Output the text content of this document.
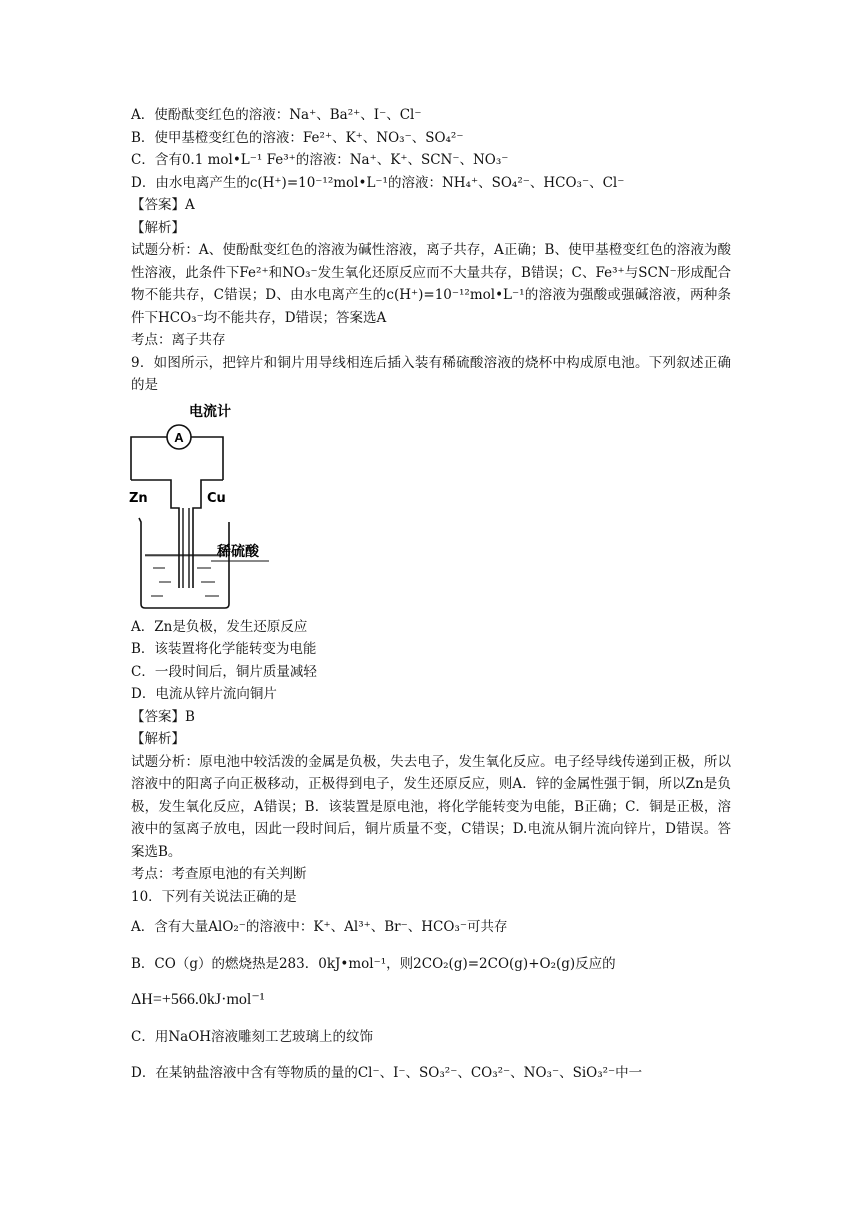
A．使酚酞变红色的溶液：Na⁺、Ba²⁺、I⁻、Cl⁻
B．使甲基橙变红色的溶液：Fe²⁺、K⁺、NO₃⁻、SO₄²⁻
C．含有0.1 mol•L⁻¹ Fe³⁺的溶液：Na⁺、K⁺、SCN⁻、NO₃⁻
D．由水电离产生的c(H⁺)=10⁻¹²mol•L⁻¹的溶液：NH₄⁺、SO₄²⁻、HCO₃⁻、Cl⁻
【答案】A
【解析】
试题分析：A、使酚酞变红色的溶液为碱性溶液，离子共存，A正确；B、使甲基橙变红色的溶液为酸性溶液，此条件下Fe²⁺和NO₃⁻发生氧化还原反应而不大量共存，B错误；C、Fe³⁺与SCN⁻形成配合物不能共存，C错误；D、由水电离产生的c(H⁺)=10⁻¹²mol•L⁻¹的溶液为强酸或强碱溶液，两种条件下HCO₃⁻均不能共存，D错误；答案选A
考点：离子共存
9．如图所示，把锌片和铜片用导线相连后插入装有稀硫酸溶液的烧杯中构成原电池。下列叙述正确的是
A
电流计
Zn	Cu
稀硫酸
A．Zn是负极，发生还原反应
B．该装置将化学能转变为电能
C．一段时间后，铜片质量减轻
D．电流从锌片流向铜片
【答案】B
【解析】
试题分析：原电池中较活泼的金属是负极，失去电子，发生氧化反应。电子经导线传递到正极，所以溶液中的阳离子向正极移动，正极得到电子，发生还原反应，则A．锌的金属性强于铜，所以Zn是负极，发生氧化反应，A错误；B．该装置是原电池，将化学能转变为电能，B正确；C．铜是正极，溶液中的氢离子放电，因此一段时间后，铜片质量不变，C错误；D.电流从铜片流向锌片，D错误。答案选B。
考点：考查原电池的有关判断
10．下列有关说法正确的是
A．含有大量AlO₂⁻的溶液中：K⁺、Al³⁺、Br⁻、HCO₃⁻可共存
B．CO（g）的燃烧热是283．0kJ•mol⁻¹，则2CO₂(g)=2CO(g)+O₂(g)反应的
ΔH=+566.0kJ·mol⁻¹
C．用NaOH溶液雕刻工艺玻璃上的纹饰
D．在某钠盐溶液中含有等物质的量的Cl⁻、I⁻、SO₃²⁻、CO₃²⁻、NO₃⁻、SiO₃²⁻中一
